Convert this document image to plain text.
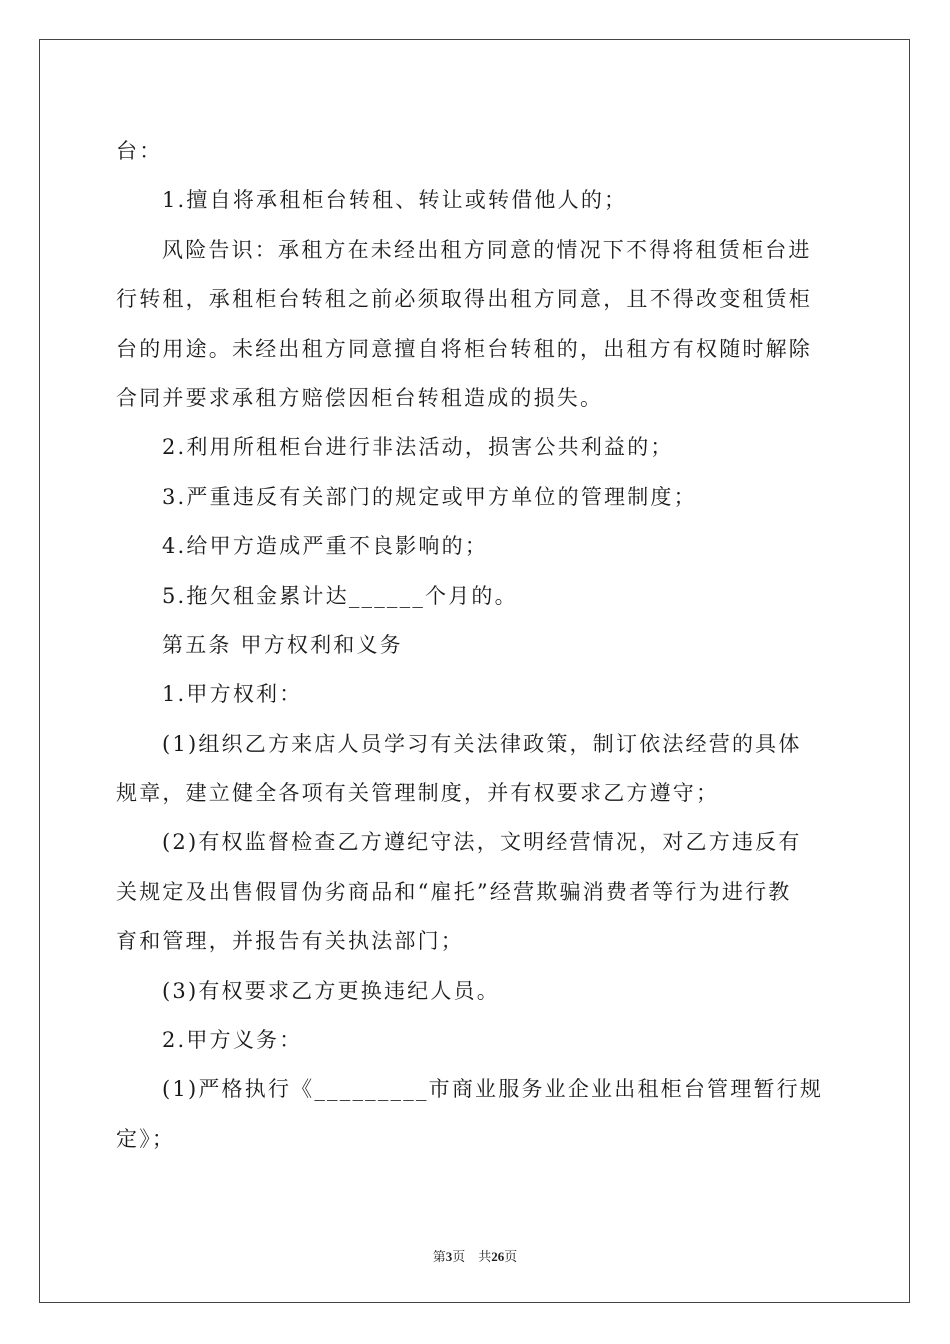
台：
1.擅自将承租柜台转租、转让或转借他人的；
风险告识：承租方在未经出租方同意的情况下不得将租赁柜台进
行转租，承租柜台转租之前必须取得出租方同意，且不得改变租赁柜
台的用途。未经出租方同意擅自将柜台转租的，出租方有权随时解除
合同并要求承租方赔偿因柜台转租造成的损失。
2.利用所租柜台进行非法活动，损害公共利益的；
3.严重违反有关部门的规定或甲方单位的管理制度；
4.给甲方造成严重不良影响的；
5.拖欠租金累计达______个月的。
第五条 甲方权利和义务
1.甲方权利：
(1)组织乙方来店人员学习有关法律政策，制订依法经营的具体
规章，建立健全各项有关管理制度，并有权要求乙方遵守；
(2)有权监督检查乙方遵纪守法，文明经营情况，对乙方违反有
关规定及出售假冒伪劣商品和“雇托”经营欺骗消费者等行为进行教
育和管理，并报告有关执法部门；
(3)有权要求乙方更换违纪人员。
2.甲方义务：
(1)严格执行《_________市商业服务业企业出租柜台管理暂行规
定》；
第3页　共26页
